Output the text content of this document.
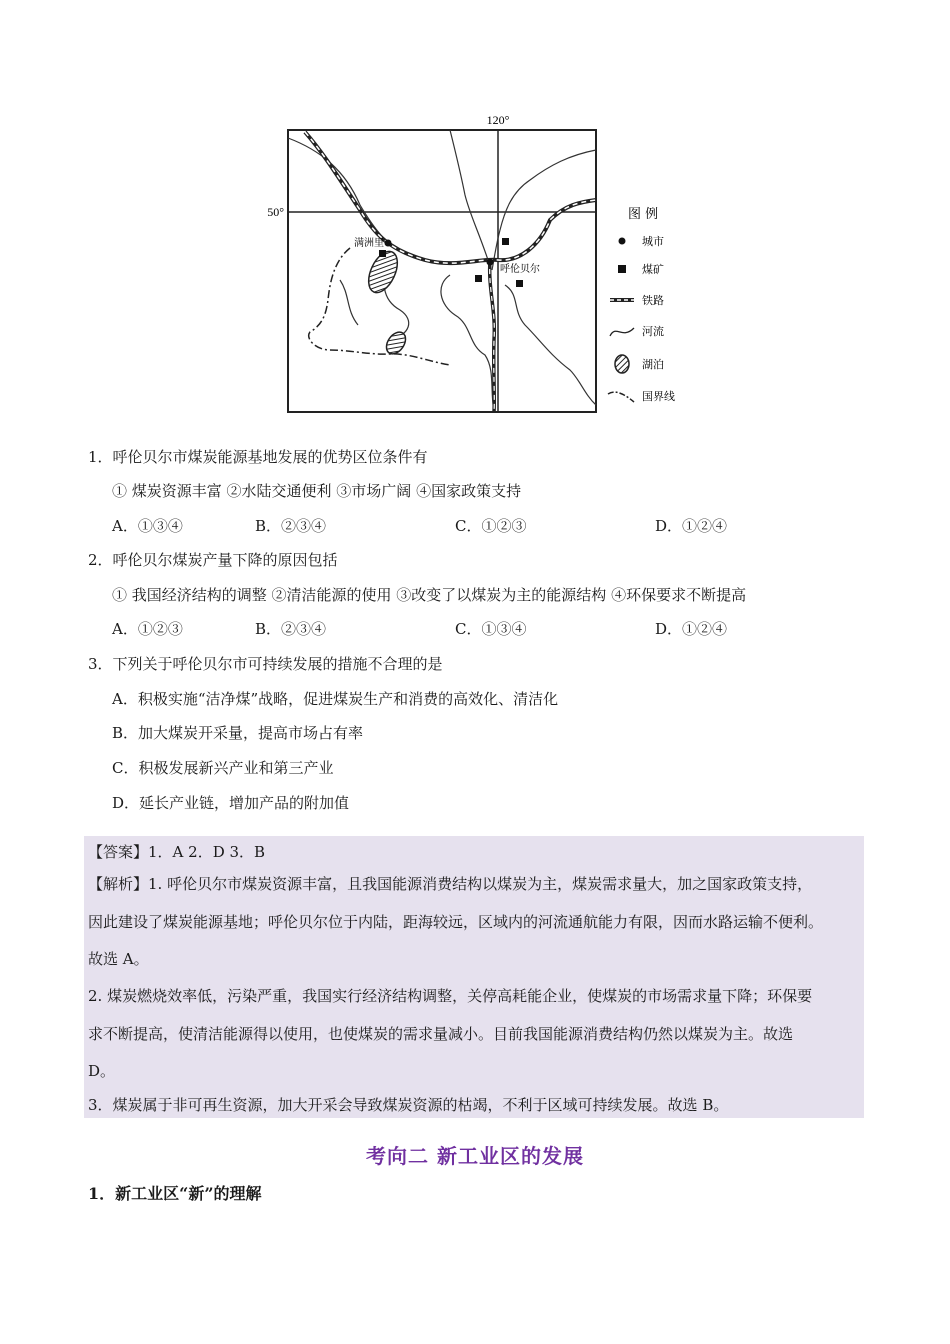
120°
50°
满洲里
呼伦贝尔
图 例
城市
煤矿
铁路
河流
湖泊
国界线
1．呼伦贝尔市煤炭能源基地发展的优势区位条件有
① 煤炭资源丰富 ②水陆交通便利 ③市场广阔 ④国家政策支持
A．①③④	B．②③④	C．①②③	D．①②④
2．呼伦贝尔煤炭产量下降的原因包括
① 我国经济结构的调整 ②清洁能源的使用 ③改变了以煤炭为主的能源结构 ④环保要求不断提高
A．①②③	B．②③④	C．①③④	D．①②④
3．下列关于呼伦贝尔市可持续发展的措施不合理的是
A．积极实施“洁净煤”战略，促进煤炭生产和消费的高效化、清洁化
B．加大煤炭开采量，提高市场占有率
C．积极发展新兴产业和第三产业
D．延长产业链，增加产品的附加值
【答案】1．A 2．D 3．B
【解析】1. 呼伦贝尔市煤炭资源丰富，且我国能源消费结构以煤炭为主，煤炭需求量大，加之国家政策支持，
因此建设了煤炭能源基地；呼伦贝尔位于内陆，距海较远，区域内的河流通航能力有限，因而水路运输不便利。
故选 A。
2. 煤炭燃烧效率低，污染严重，我国实行经济结构调整，关停高耗能企业，使煤炭的市场需求量下降；环保要
求不断提高，使清洁能源得以使用，也使煤炭的需求量减小。目前我国能源消费结构仍然以煤炭为主。故选
D。
3．煤炭属于非可再生资源，加大开采会导致煤炭资源的枯竭，不利于区域可持续发展。故选 B。
考向二 新工业区的发展
1．新工业区“新”的理解
